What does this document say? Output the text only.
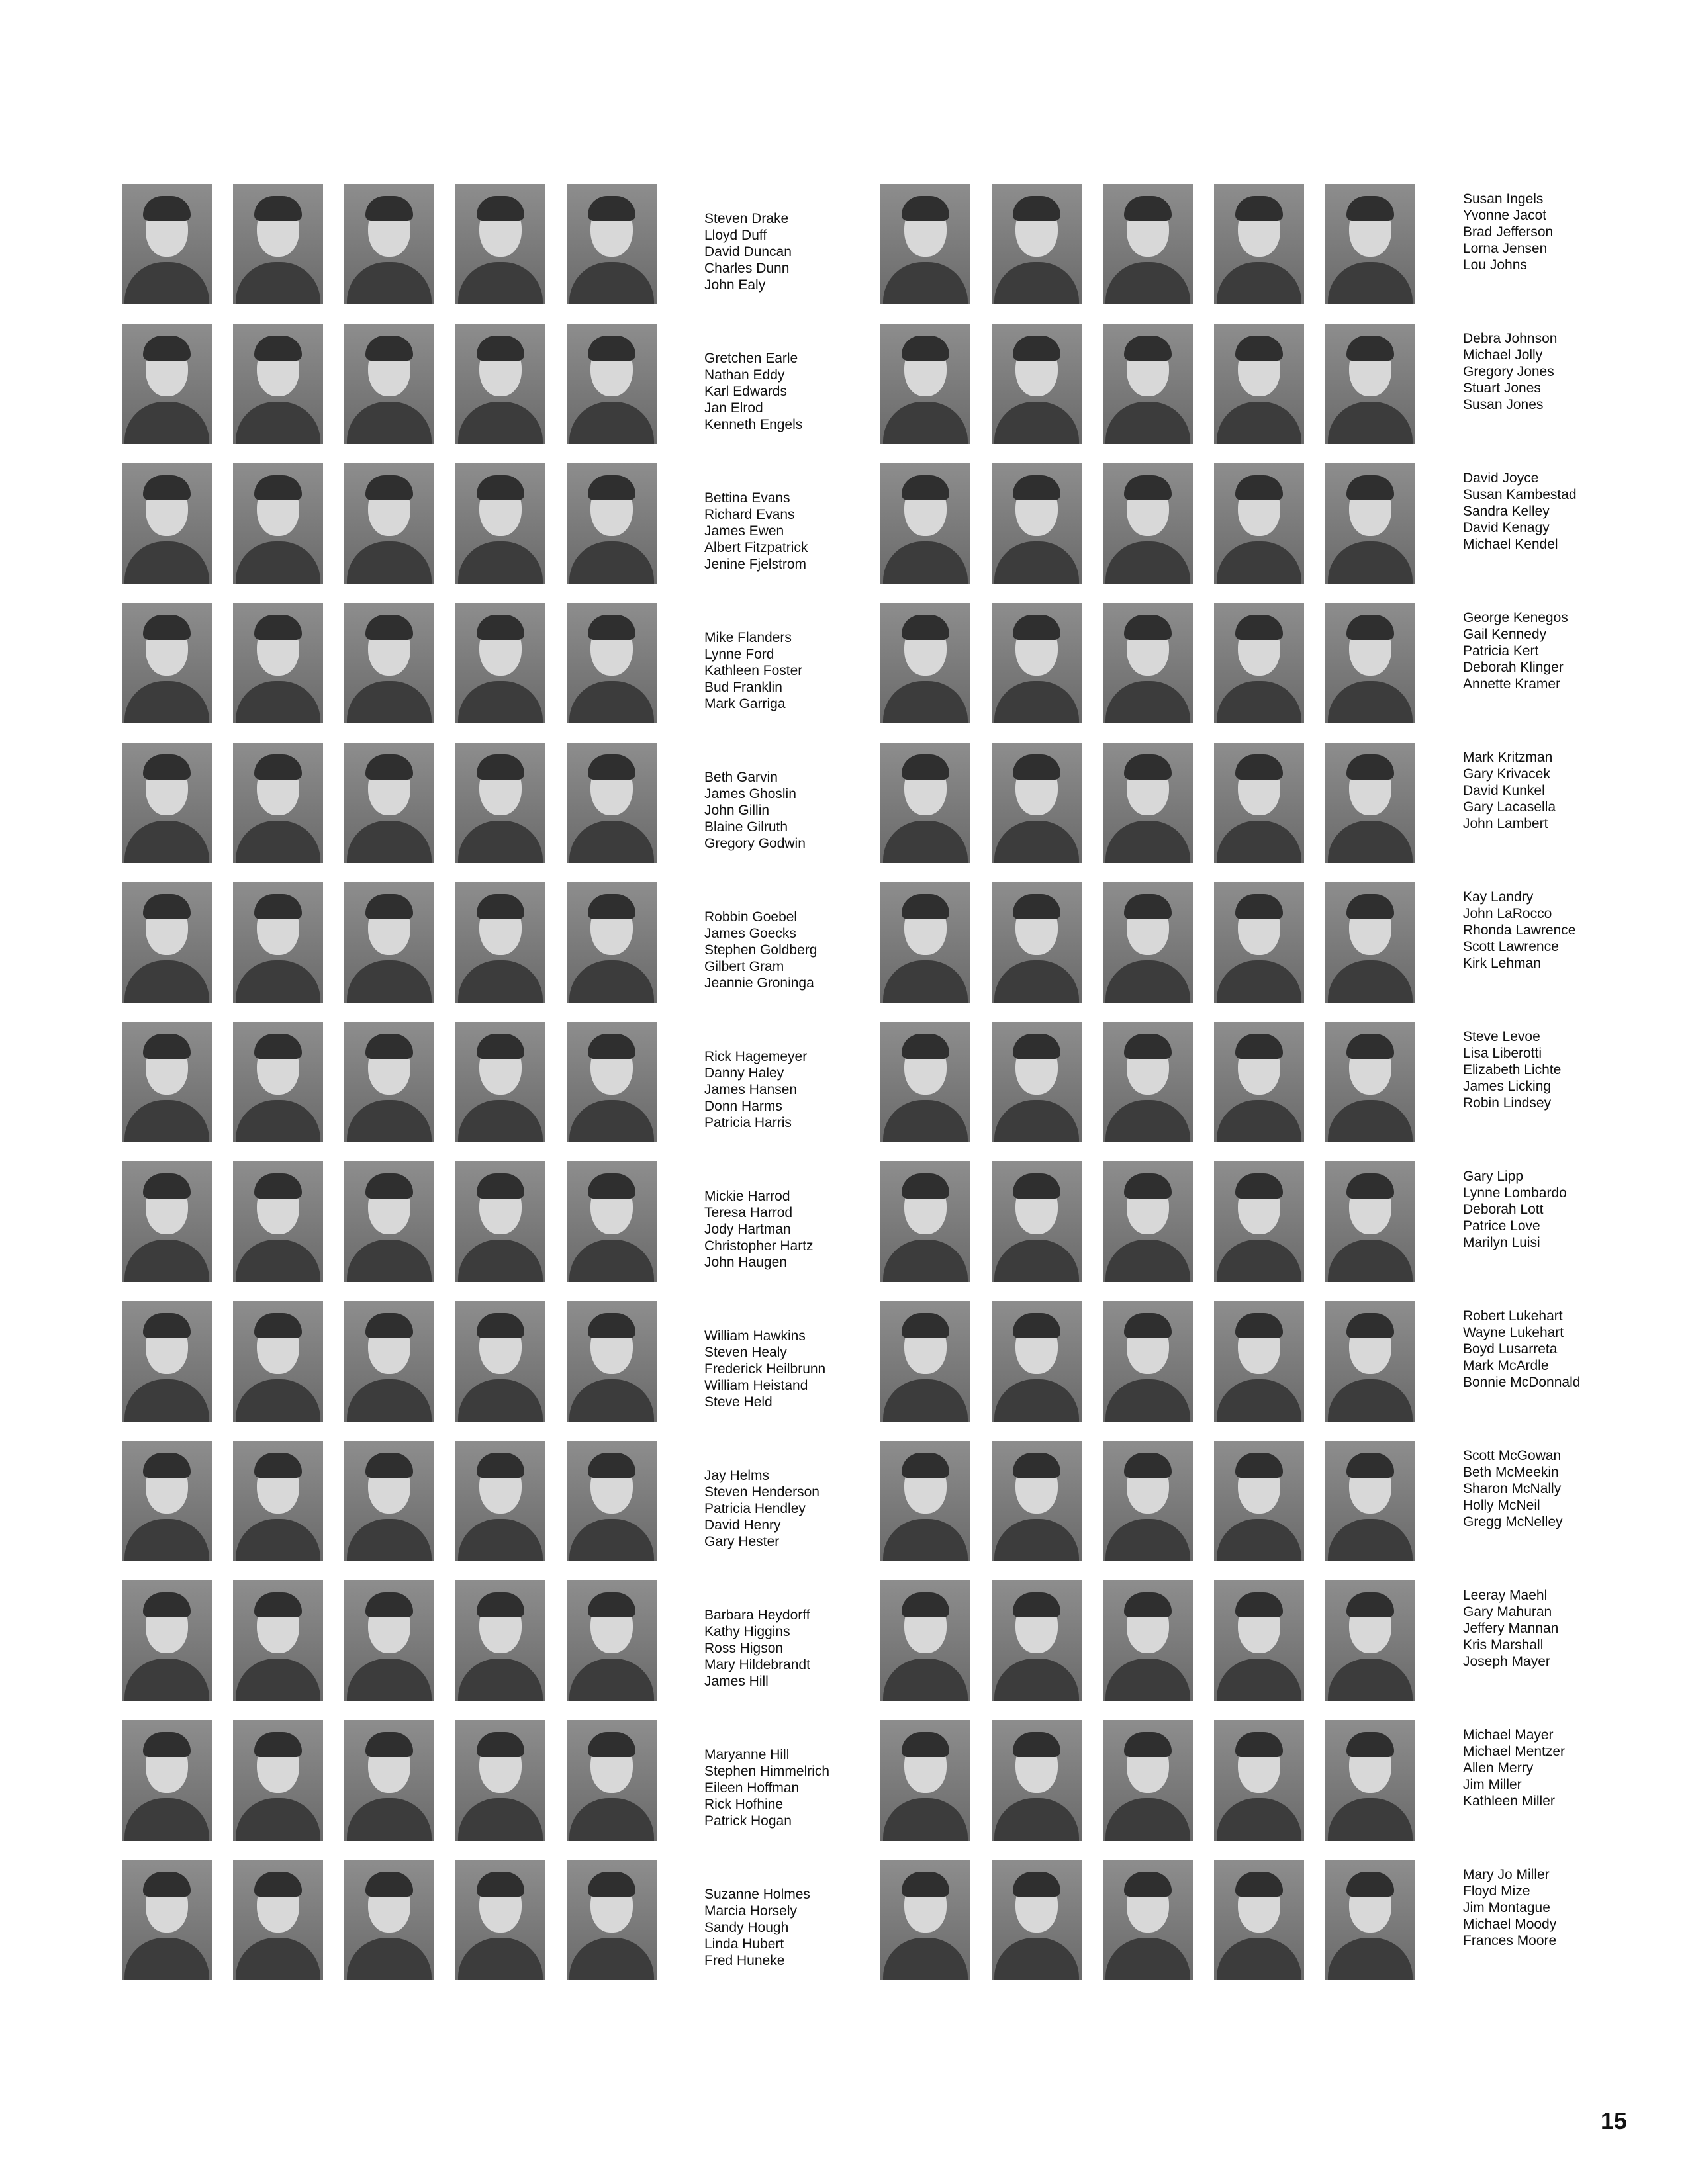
Steven Drake
Lloyd Duff
David Duncan
Charles Dunn
John Ealy
Gretchen Earle
Nathan Eddy
Karl Edwards
Jan Elrod
Kenneth Engels
Bettina Evans
Richard Evans
James Ewen
Albert Fitzpatrick
Jenine Fjelstrom
Mike Flanders
Lynne Ford
Kathleen Foster
Bud Franklin
Mark Garriga
Beth Garvin
James Ghoslin
John Gillin
Blaine Gilruth
Gregory Godwin
Robbin Goebel
James Goecks
Stephen Goldberg
Gilbert Gram
Jeannie Groninga
Rick Hagemeyer
Danny Haley
James Hansen
Donn Harms
Patricia Harris
Mickie Harrod
Teresa Harrod
Jody Hartman
Christopher Hartz
John Haugen
William Hawkins
Steven Healy
Frederick Heilbrunn
William Heistand
Steve Held
Jay Helms
Steven Henderson
Patricia Hendley
David Henry
Gary Hester
Barbara Heydorff
Kathy Higgins
Ross Higson
Mary Hildebrandt
James Hill
Maryanne Hill
Stephen Himmelrich
Eileen Hoffman
Rick Hofhine
Patrick Hogan
Suzanne Holmes
Marcia Horsely
Sandy Hough
Linda Hubert
Fred Huneke
Susan Ingels
Yvonne Jacot
Brad Jefferson
Lorna Jensen
Lou Johns
Debra Johnson
Michael Jolly
Gregory Jones
Stuart Jones
Susan Jones
David Joyce
Susan Kambestad
Sandra Kelley
David Kenagy
Michael Kendel
George Kenegos
Gail Kennedy
Patricia Kert
Deborah Klinger
Annette Kramer
Mark Kritzman
Gary Krivacek
David Kunkel
Gary Lacasella
John Lambert
Kay Landry
John LaRocco
Rhonda Lawrence
Scott Lawrence
Kirk Lehman
Steve Levoe
Lisa Liberotti
Elizabeth Lichte
James Licking
Robin Lindsey
Gary Lipp
Lynne Lombardo
Deborah Lott
Patrice Love
Marilyn Luisi
Robert Lukehart
Wayne Lukehart
Boyd Lusarreta
Mark McArdle
Bonnie McDonnald
Scott McGowan
Beth McMeekin
Sharon McNally
Holly McNeil
Gregg McNelley
Leeray Maehl
Gary Mahuran
Jeffery Mannan
Kris Marshall
Joseph Mayer
Michael Mayer
Michael Mentzer
Allen Merry
Jim Miller
Kathleen Miller
Mary Jo Miller
Floyd Mize
Jim Montague
Michael Moody
Frances Moore
15
